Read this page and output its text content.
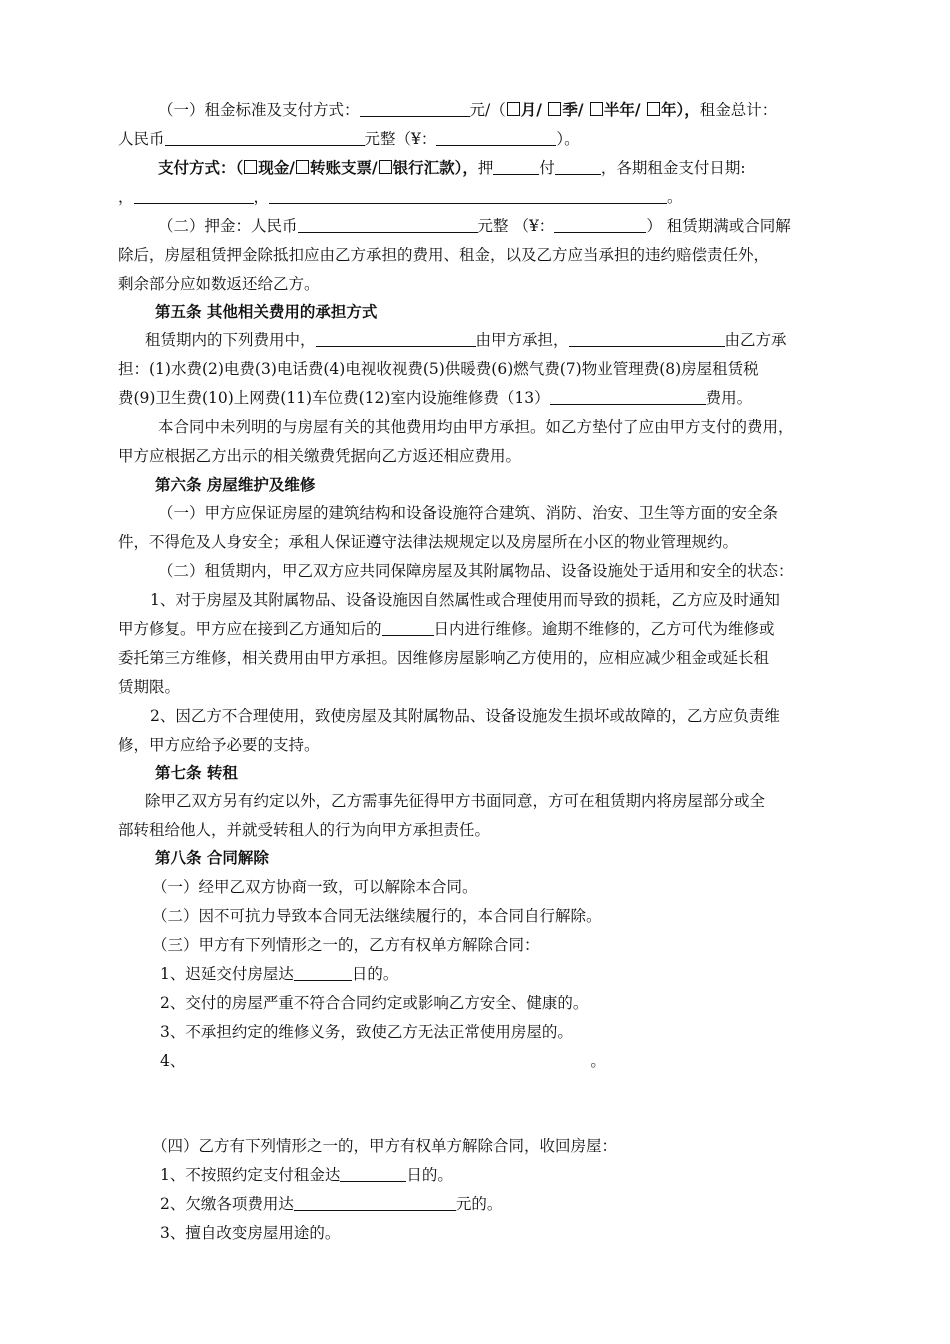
（一）租金标准及支付方式：	元/（ 月/ 季/ 半年/ 年），租金总计：
人民币	元整（¥：	）。
支付方式：（ 现金/ 转账支票/ 银行汇款），押	付	，各期租金支付日期:
，	，	。
（二）押金：人民币	元整 （¥：	） 租赁期满或合同解
除后，房屋租赁押金除抵扣应由乙方承担的费用、租金，以及乙方应当承担的违约赔偿责任外，
剩余部分应如数返还给乙方。
第五条 其他相关费用的承担方式
租赁期内的下列费用中，	由甲方承担，	由乙方承
担：(1)水费(2)电费(3)电话费(4)电视收视费(5)供暖费(6)燃气费(7)物业管理费(8)房屋租赁税
费(9)卫生费(10)上网费(11)车位费(12)室内设施维修费（13）	费用。
本合同中未列明的与房屋有关的其他费用均由甲方承担。如乙方垫付了应由甲方支付的费用，
甲方应根据乙方出示的相关缴费凭据向乙方返还相应费用。
第六条 房屋维护及维修
（一）甲方应保证房屋的建筑结构和设备设施符合建筑、消防、治安、卫生等方面的安全条
件，不得危及人身安全；承租人保证遵守法律法规规定以及房屋所在小区的物业管理规约。
（二）租赁期内，甲乙双方应共同保障房屋及其附属物品、设备设施处于适用和安全的状态：
1、对于房屋及其附属物品、设备设施因自然属性或合理使用而导致的损耗，乙方应及时通知
甲方修复。甲方应在接到乙方通知后的	日内进行维修。逾期不维修的，乙方可代为维修或
委托第三方维修，相关费用由甲方承担。因维修房屋影响乙方使用的，应相应减少租金或延长租
赁期限。
2、因乙方不合理使用，致使房屋及其附属物品、设备设施发生损坏或故障的，乙方应负责维
修，甲方应给予必要的支持。
第七条 转租
除甲乙双方另有约定以外，乙方需事先征得甲方书面同意，方可在租赁期内将房屋部分或全
部转租给他人，并就受转租人的行为向甲方承担责任。
第八条 合同解除
（一）经甲乙双方协商一致，可以解除本合同。
（二）因不可抗力导致本合同无法继续履行的，本合同自行解除。
（三）甲方有下列情形之一的，乙方有权单方解除合同：
1、迟延交付房屋达	日的。
2、交付的房屋严重不符合合同约定或影响乙方安全、健康的。
3、不承担约定的维修义务，致使乙方无法正常使用房屋的。
4、	。
（四）乙方有下列情形之一的，甲方有权单方解除合同，收回房屋：
1、不按照约定支付租金达	日的。
2、欠缴各项费用达	元的。
3、擅自改变房屋用途的。
